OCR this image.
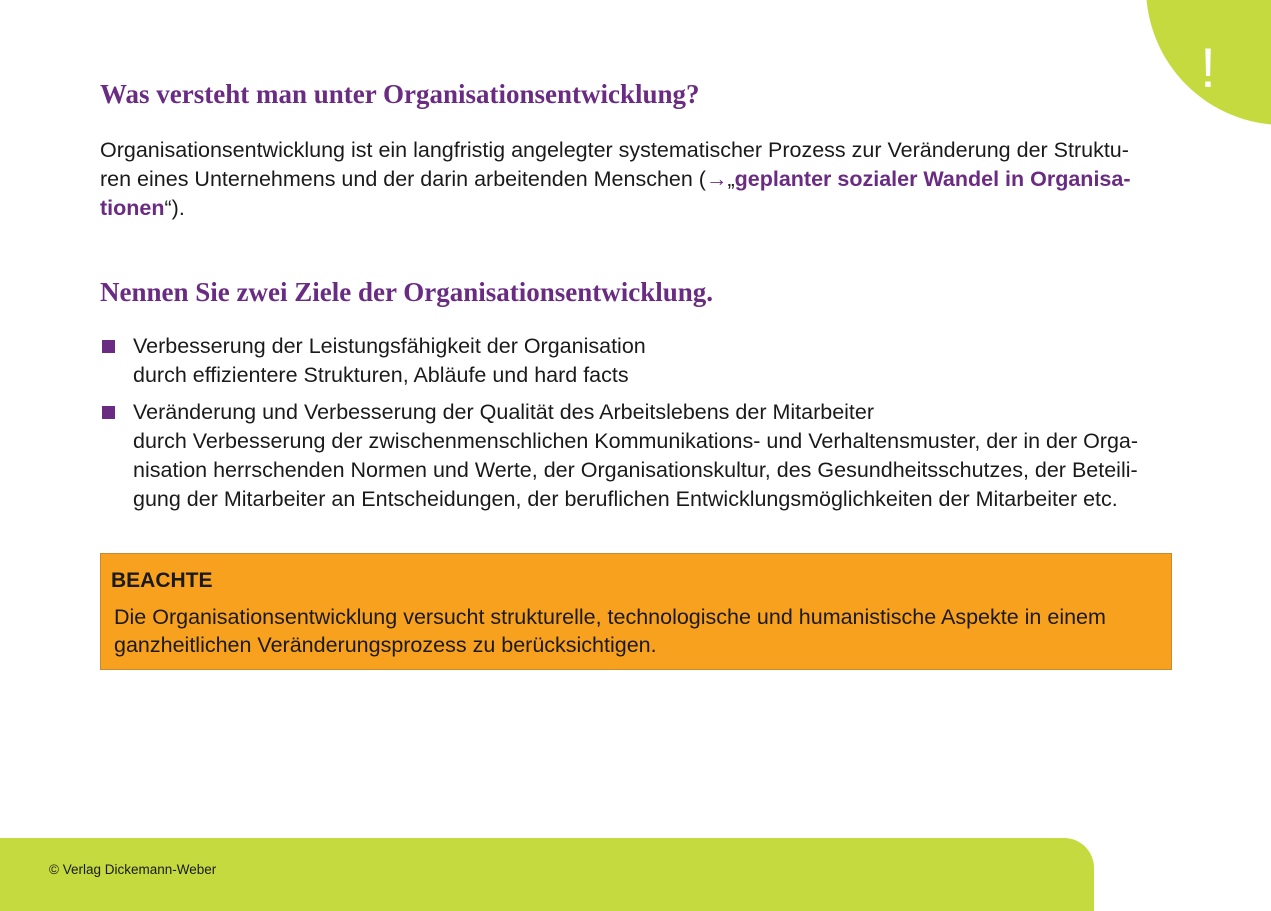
!
Was versteht man unter Organisationsentwicklung?

Organisationsentwicklung ist ein langfristig angelegter systematischer Prozess zur Veränderung der Struktu-
ren eines Unternehmens und der darin arbeitenden Menschen (→„geplanter sozialer Wandel in Organisa-
tionen“).

Nennen Sie zwei Ziele der Organisationsentwicklung.
Verbesserung der Leistungsfähigkeit der Organisation
durch effizientere Strukturen, Abläufe und hard facts
Veränderung und Verbesserung der Qualität des Arbeitslebens der Mitarbeiter
durch Verbesserung der zwischenmenschlichen Kommunikations- und Verhaltensmuster, der in der Orga-
nisation herrschenden Normen und Werte, der Organisationskultur, des Gesundheitsschutzes, der Beteili-
gung der Mitarbeiter an Entscheidungen, der beruflichen Entwicklungsmöglichkeiten der Mitarbeiter etc.

BEACHTE

Die Organisationsentwicklung versucht strukturelle, technologische und humanistische Aspekte in einem
ganzheitlichen Veränderungsprozess zu berücksichtigen.

© Verlag Dickemann-Weber
